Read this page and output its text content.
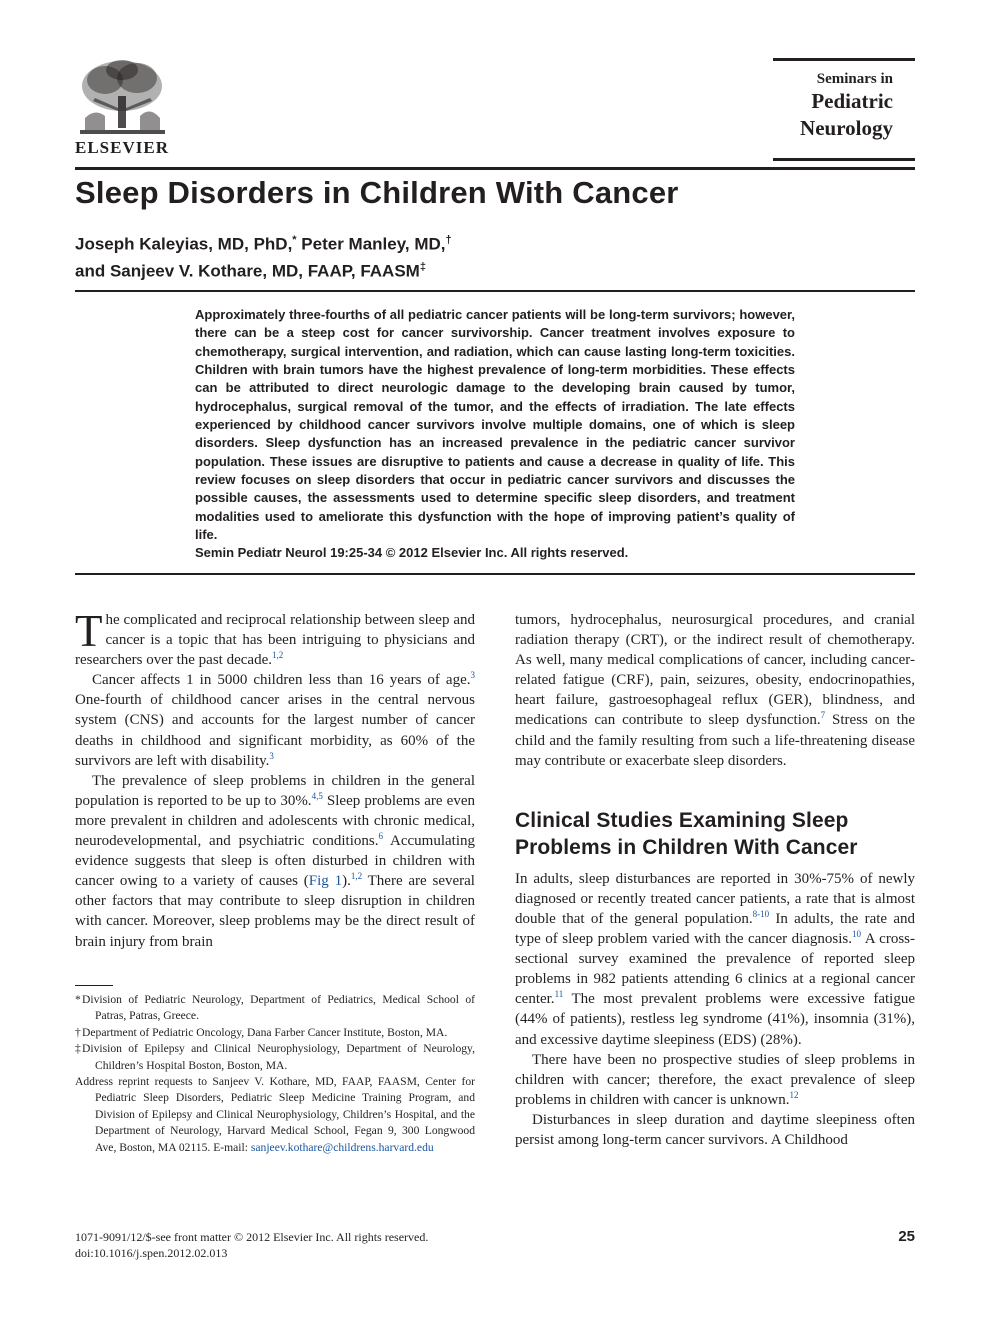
ELSEVIER
Seminars in
Pediatric
Neurology
Sleep Disorders in Children With Cancer
Joseph Kaleyias, MD, PhD,* Peter Manley, MD,†
and Sanjeev V. Kothare, MD, FAAP, FAASM‡

Approximately three-fourths of all pediatric cancer patients will be long-term survivors; however, there can be a steep cost for cancer survivorship. Cancer treatment involves exposure to chemotherapy, surgical intervention, and radiation, which can cause lasting long-term toxicities. Children with brain tumors have the highest prevalence of long-term morbidities. These effects can be attributed to direct neurologic damage to the developing brain caused by tumor, hydrocephalus, surgical removal of the tumor, and the effects of irradiation. The late effects experienced by childhood cancer survivors involve multiple domains, one of which is sleep disorders. Sleep dysfunction has an increased prevalence in the pediatric cancer survivor population. These issues are disruptive to patients and cause a decrease in quality of life. This review focuses on sleep disorders that occur in pediatric cancer survivors and discusses the possible causes, the assessments used to determine specific sleep disorders, and treatment modalities used to ameliorate this dysfunction with the hope of improving patient’s quality of life.

Semin Pediatr Neurol 19:25-34 © 2012 Elsevier Inc. All rights reserved.

The complicated and reciprocal relationship between sleep and cancer is a topic that has been intriguing to physicians and researchers over the past decade.$^{1,2}$

Cancer affects 1 in 5000 children less than 16 years of age.$^3$ One-fourth of childhood cancer arises in the central nervous system (CNS) and accounts for the largest number of cancer deaths in childhood and significant morbidity, as 60% of the survivors are left with disability.$^3$

The prevalence of sleep problems in children in the general population is reported to be up to 30%.$^{4,5}$ Sleep problems are even more prevalent in children and adolescents with chronic medical, neurodevelopmental, and psychiatric conditions.$^6$ Accumulating evidence suggests that sleep is often disturbed in children with cancer owing to a variety of causes (Fig 1).$^{1,2}$ There are several other factors that may contribute to sleep disruption in children with cancer. Moreover, sleep problems may be the direct result of brain injury from brain

tumors, hydrocephalus, neurosurgical procedures, and cranial radiation therapy (CRT), or the indirect result of chemotherapy. As well, many medical complications of cancer, including cancer-related fatigue (CRF), pain, seizures, obesity, endocrinopathies, heart failure, gastroesophageal reflux (GER), blindness, and medications can contribute to sleep dysfunction.$^7$ Stress on the child and the family resulting from such a life-threatening disease may contribute or exacerbate sleep disorders.

Clinical Studies Examining Sleep Problems in Children With Cancer

In adults, sleep disturbances are reported in 30%-75% of newly diagnosed or recently treated cancer patients, a rate that is almost double that of the general population.$^{8-10}$ In adults, the rate and type of sleep problem varied with the cancer diagnosis.$^{10}$ A cross-sectional survey examined the prevalence of reported sleep problems in 982 patients attending 6 clinics at a regional cancer center.$^{11}$ The most prevalent problems were excessive fatigue (44% of patients), restless leg syndrome (41%), insomnia (31%), and excessive daytime sleepiness (EDS) (28%).

There have been no prospective studies of sleep problems in children with cancer; therefore, the exact prevalence of sleep problems in children with cancer is unknown.$^{12}$

Disturbances in sleep duration and daytime sleepiness often persist among long-term cancer survivors. A Childhood

*Division of Pediatric Neurology, Department of Pediatrics, Medical School of Patras, Patras, Greece.

†Department of Pediatric Oncology, Dana Farber Cancer Institute, Boston, MA.

‡Division of Epilepsy and Clinical Neurophysiology, Department of Neurology, Children’s Hospital Boston, Boston, MA.

Address reprint requests to Sanjeev V. Kothare, MD, FAAP, FAASM, Center for Pediatric Sleep Disorders, Pediatric Sleep Medicine Training Program, and Division of Epilepsy and Clinical Neurophysiology, Children’s Hospital, and the Department of Neurology, Harvard Medical School, Fegan 9, 300 Longwood Ave, Boston, MA 02115. E-mail: sanjeev.kothare@childrens.harvard.edu

1071-9091/12/$-see front matter © 2012 Elsevier Inc. All rights reserved.
doi:10.1016/j.spen.2012.02.013
25
